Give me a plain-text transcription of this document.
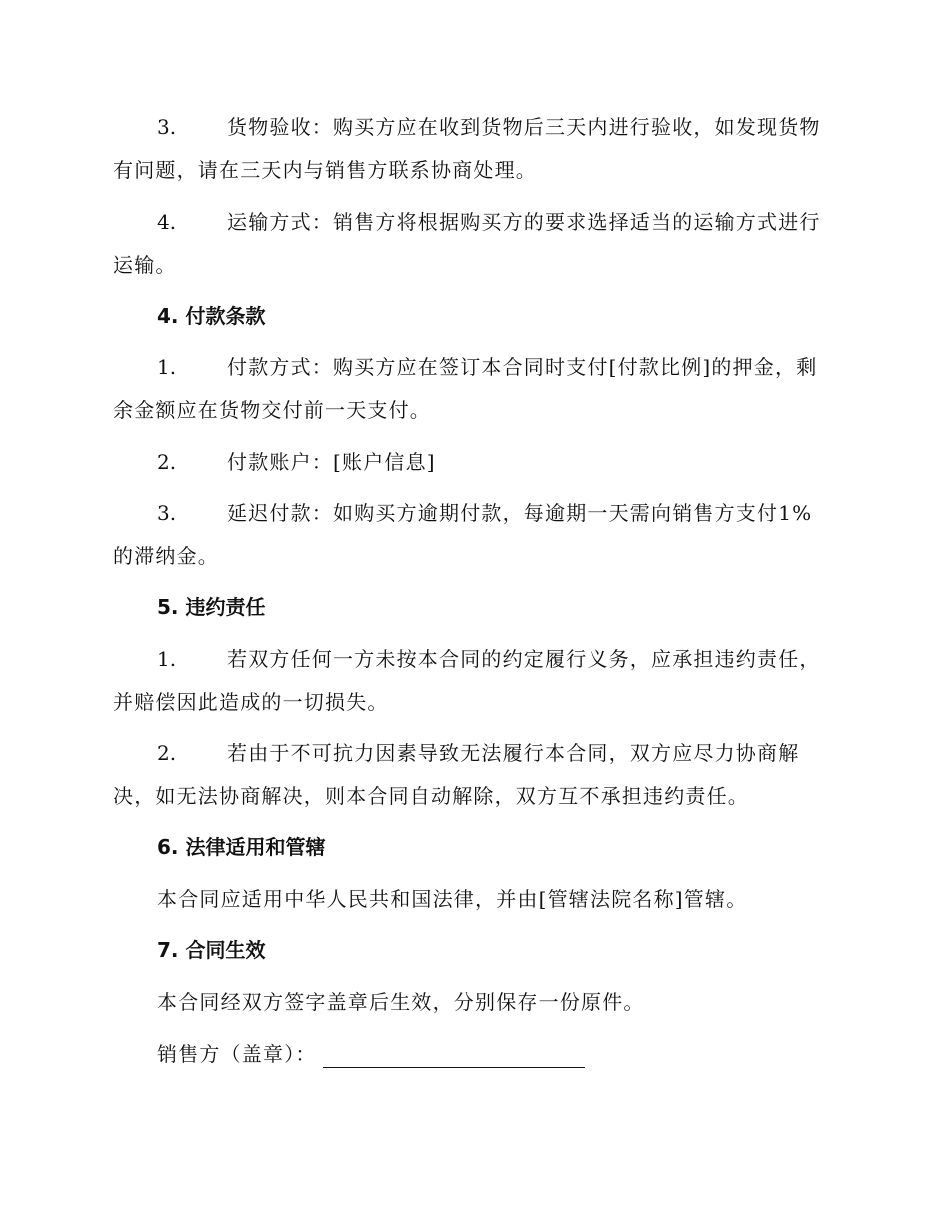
3.	货物验收：购买方应在收到货物后三天内进行验收，如发现货物
有问题，请在三天内与销售方联系协商处理。
4.	运输方式：销售方将根据购买方的要求选择适当的运输方式进行
运输。
4. 付款条款
1.	付款方式：购买方应在签订本合同时支付[付款比例]的押金，剩
余金额应在货物交付前一天支付。
2.	付款账户：[账户信息]
3.	延迟付款：如购买方逾期付款，每逾期一天需向销售方支付1%
的滞纳金。
5. 违约责任
1.	若双方任何一方未按本合同的约定履行义务，应承担违约责任，
并赔偿因此造成的一切损失。
2.	若由于不可抗力因素导致无法履行本合同，双方应尽力协商解
决，如无法协商解决，则本合同自动解除，双方互不承担违约责任。
6. 法律适用和管辖
本合同应适用中华人民共和国法律，并由[管辖法院名称]管辖。
7. 合同生效
本合同经双方签字盖章后生效，分别保存一份原件。
销售方（盖章）：
